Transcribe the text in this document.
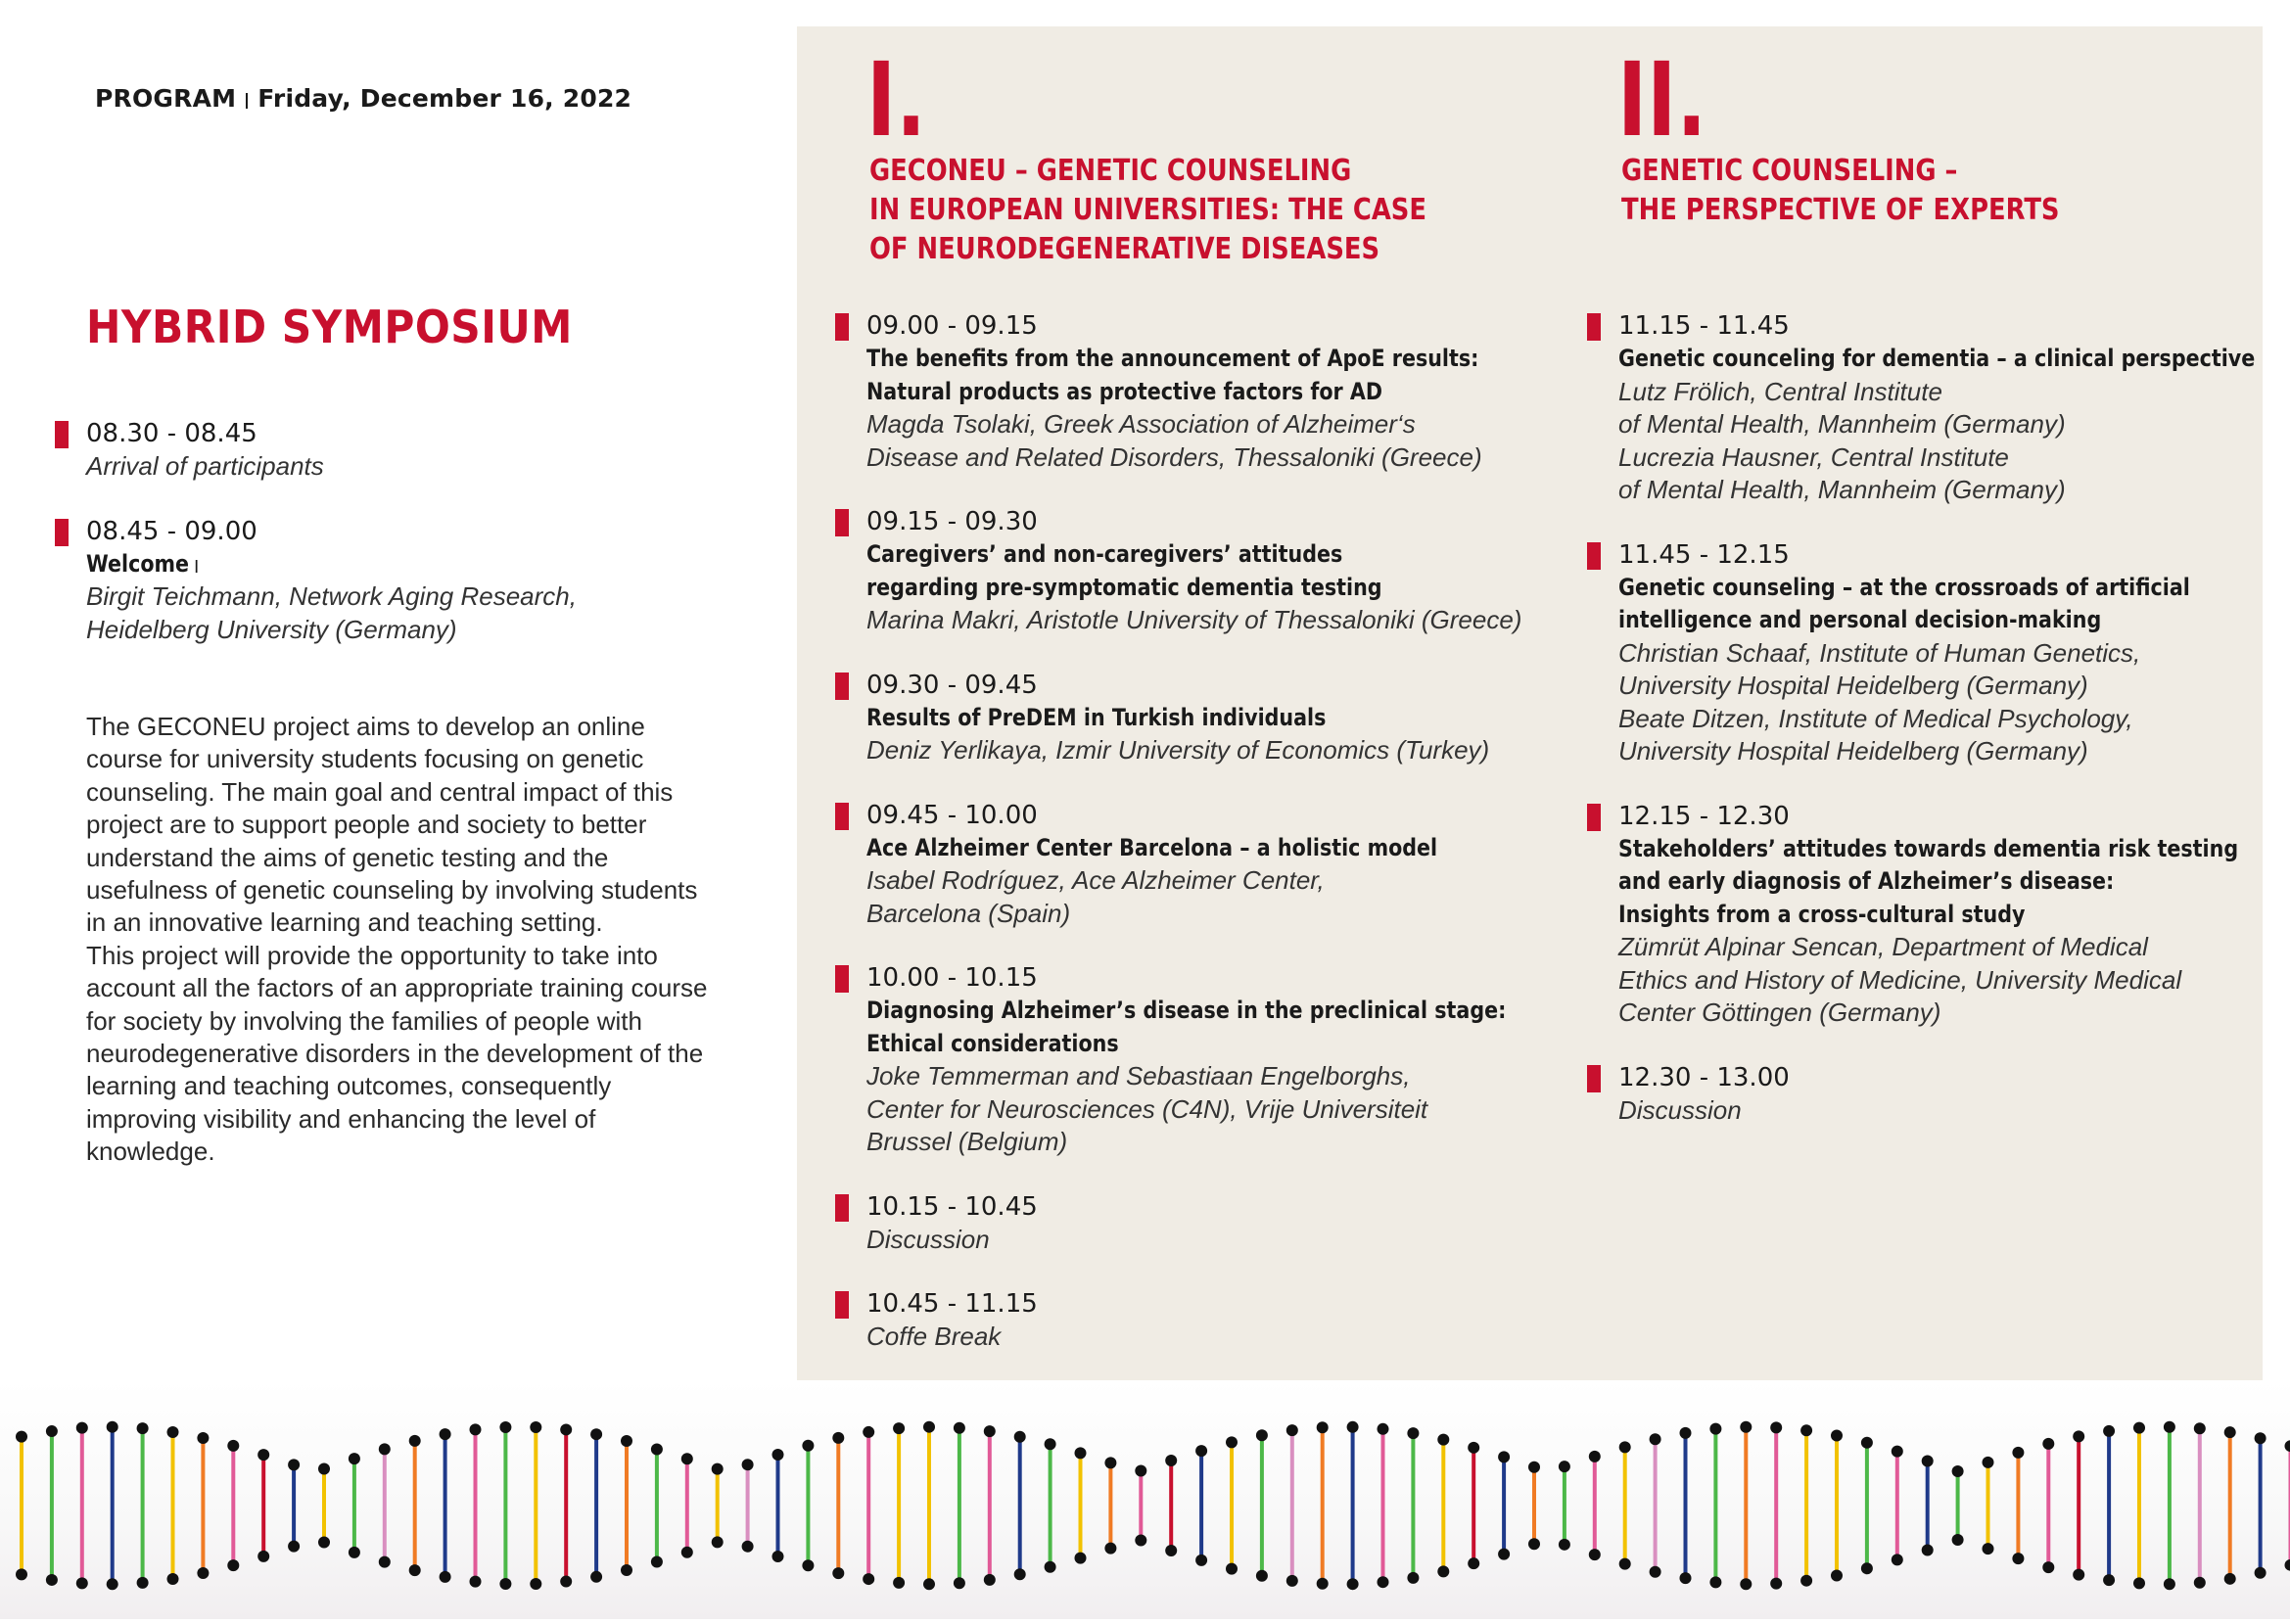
PROGRAM Friday, December 16, 2022
HYBRID SYMPOSIUM
08.30 - 08.45
Arrival of participants
08.45 - 09.00
Welcome
Birgit Teichmann, Network Aging Research,
Heidelberg University (Germany)

The GECONEU project aims to develop an online course for university students focusing on genetic counseling. The main goal and central impact of this project are to support people and society to better understand the aims of genetic testing and the usefulness of genetic counseling by involving students in an innovative learning and teaching setting.

This project will provide the opportunity to take into account all the factors of an appropriate training course for society by involving the families of people with neurodegenerative disorders in the development of the learning and teaching outcomes, consequently improving visibility and enhancing the level of knowledge.

I.
GECONEU – GENETIC COUNSELING
IN EUROPEAN UNIVERSITIES: THE CASE
OF NEURODEGENERATIVE DISEASES
II.
GENETIC COUNSELING –
THE PERSPECTIVE OF EXPERTS
09.00 - 09.15
The benefits from the announcement of ApoE results:
Natural products as protective factors for AD
Magda Tsolaki, Greek Association of Alzheimer‘s
Disease and Related Disorders, Thessaloniki (Greece)
09.15 - 09.30
Caregivers’ and non-caregivers’ attitudes
regarding pre-symptomatic dementia testing
Marina Makri, Aristotle University of Thessaloniki (Greece)
09.30 - 09.45
Results of PreDEM in Turkish individuals
Deniz Yerlikaya, Izmir University of Economics (Turkey)
09.45 - 10.00
Ace Alzheimer Center Barcelona – a holistic model
Isabel Rodríguez, Ace Alzheimer Center,
Barcelona (Spain)
10.00 - 10.15
Diagnosing Alzheimer’s disease in the preclinical stage:
Ethical considerations
Joke Temmerman and Sebastiaan Engelborghs,
Center for Neurosciences (C4N), Vrije Universiteit
Brussel (Belgium)
10.15 - 10.45
Discussion
10.45 - 11.15
Coffe Break
11.15 - 11.45
Genetic counceling for dementia – a clinical perspective
Lutz Frölich, Central Institute
of Mental Health, Mannheim (Germany)
Lucrezia Hausner, Central Institute
of Mental Health, Mannheim (Germany)
11.45 - 12.15
Genetic counseling – at the crossroads of artificial
intelligence and personal decision-making
Christian Schaaf, Institute of Human Genetics,
University Hospital Heidelberg (Germany)
Beate Ditzen, Institute of Medical Psychology,
University Hospital Heidelberg (Germany)
12.15 - 12.30
Stakeholders’ attitudes towards dementia risk testing
and early diagnosis of Alzheimer’s disease:
Insights from a cross-cultural study
Zümrüt Alpinar Sencan, Department of Medical
Ethics and History of Medicine, University Medical
Center Göttingen (Germany)
12.30 - 13.00
Discussion
